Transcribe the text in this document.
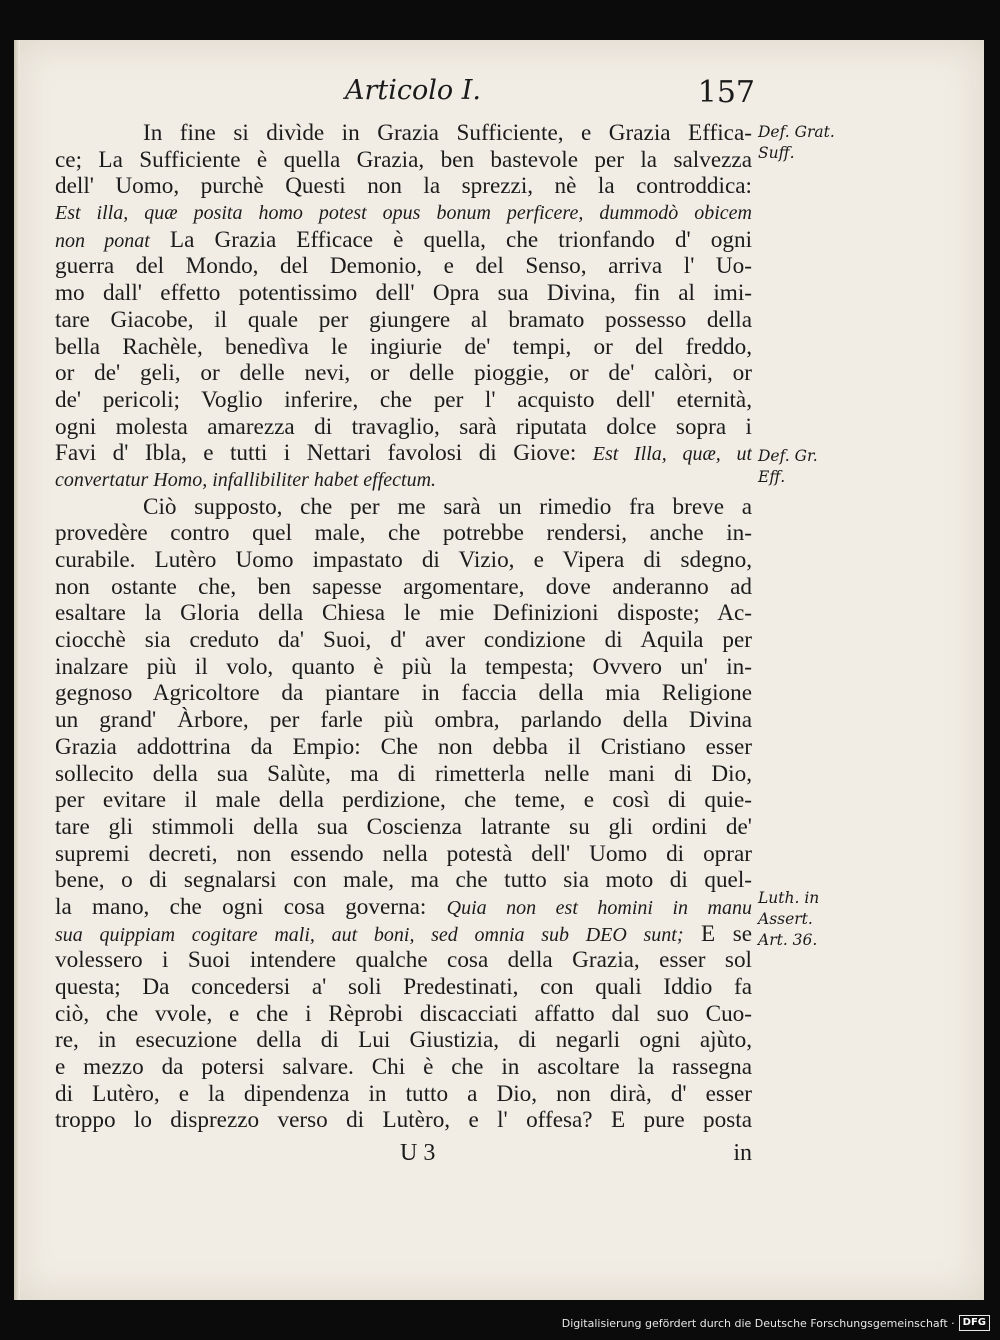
Articolo I.	157
In fine si divìde in Grazia Sufficiente, e Grazia Effica-
ce; La Sufficiente è quella Grazia, ben bastevole per la salvezza
dell' Uomo, purchè Questi non la sprezzi, nè la controddica:
Est illa, quæ posita homo potest opus bonum perficere, dummodò obicem
non ponat La Grazia Efficace è quella, che trionfando d' ogni
guerra del Mondo, del Demonio, e del Senso, arriva l' Uo-
mo dall' effetto potentissimo dell' Opra sua Divina, fin al imi-
tare Giacobe, il quale per giungere al bramato possesso della
bella Rachèle, benedìva le ingiurie de' tempi, or del freddo,
or de' geli, or delle nevi, or delle pioggie, or de' calòri, or
de' pericoli; Voglio inferire, che per l' acquisto dell' eternità,
ogni molesta amarezza di travaglio, sarà riputata dolce sopra i
Favi d' Ibla, e tutti i Nettari favolosi di Giove: Est Illa, quæ, ut
convertatur Homo, infallibiliter habet effectum.
Ciò supposto, che per me sarà un rimedio fra breve a
provedère contro quel male, che potrebbe rendersi, anche in-
curabile. Lutèro Uomo impastato di Vizio, e Vipera di sdegno,
non ostante che, ben sapesse argomentare, dove anderanno ad
esaltare la Gloria della Chiesa le mie Definizioni disposte; Ac-
ciocchè sia creduto da' Suoi, d' aver condizione di Aquila per
inalzare più il volo, quanto è più la tempesta; Ovvero un' in-
gegnoso Agricoltore da piantare in faccia della mia Religione
un grand' Àrbore, per farle più ombra, parlando della Divina
Grazia addottrina da Empio: Che non debba il Cristiano esser
sollecito della sua Salùte, ma di rimetterla nelle mani di Dio,
per evitare il male della perdizione, che teme, e così di quie-
tare gli stimmoli della sua Coscienza latrante su gli ordini de'
supremi decreti, non essendo nella potestà dell' Uomo di oprar
bene, o di segnalarsi con male, ma che tutto sia moto di quel-
la mano, che ogni cosa governa: Quia non est homini in manu
sua quippiam cogitare mali, aut boni, sed omnia sub DEO sunt; E se
volessero i Suoi intendere qualche cosa della Grazia, esser sol
questa; Da concedersi a' soli Predestinati, con quali Iddio fa
ciò, che vvole, e che i Rèprobi discacciati affatto dal suo Cuo-
re, in esecuzione della di Lui Giustizia, di negarli ogni ajùto,
e mezzo da potersi salvare. Chi è che in ascoltare la rassegna
di Lutèro, e la dipendenza in tutto a Dio, non dirà, d' esser
troppo lo disprezzo verso di Lutèro, e l' offesa? E pure posta
Def. Grat.
Suff.
Def. Gr.
Eff.
Luth. in
Assert.
Art. 36.
U 3	in
Digitalisierung gefördert durch die Deutsche Forschungsgemeinschaft · DFG
